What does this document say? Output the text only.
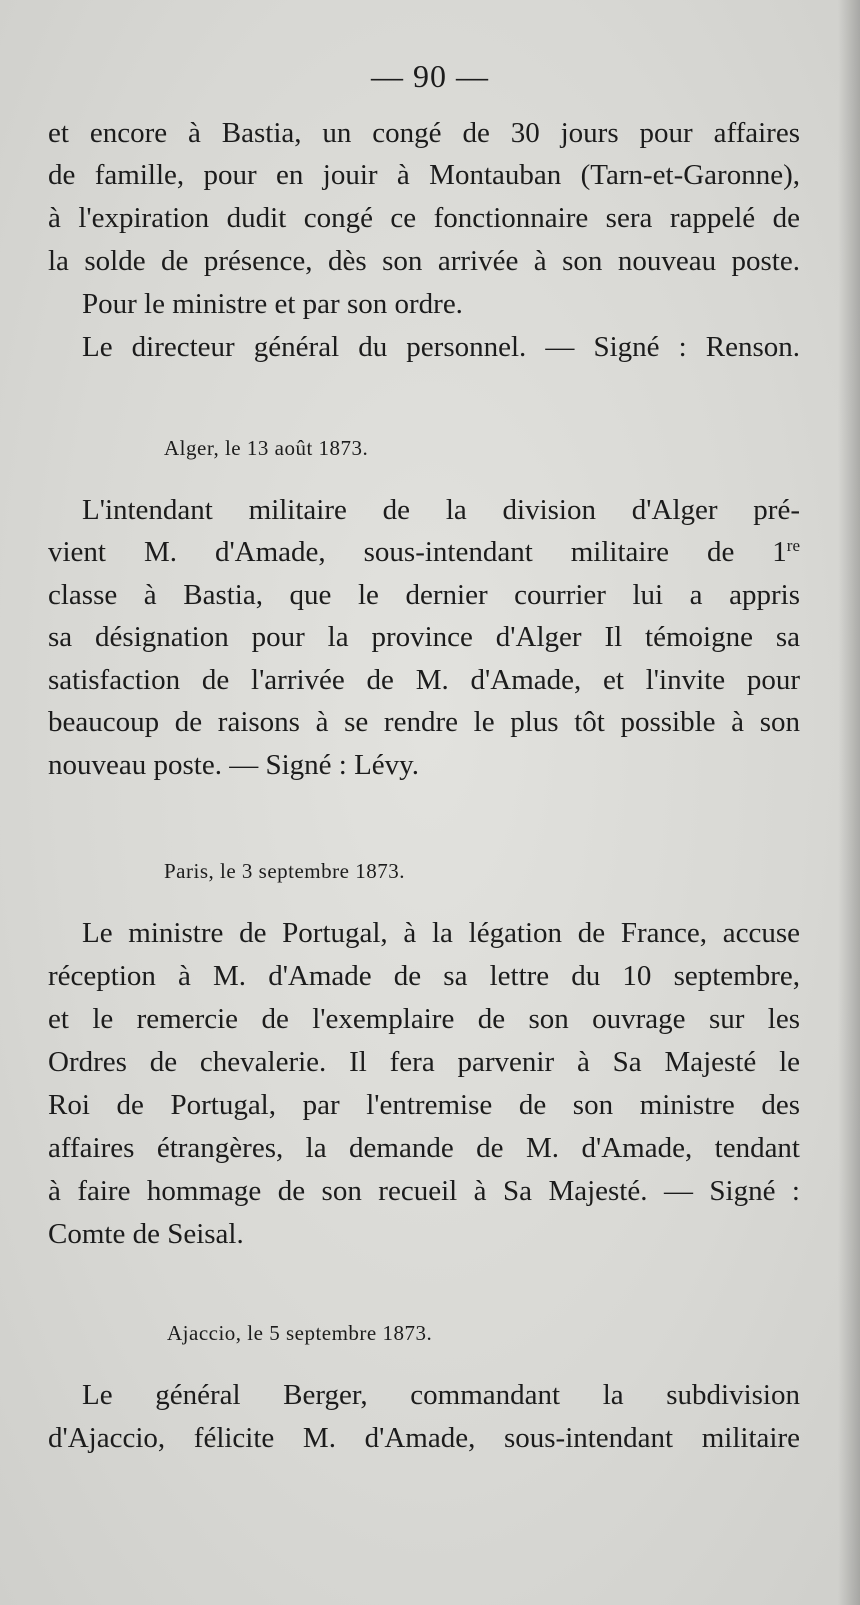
— 90 —
et encore à Bastia, un congé de 30 jours pour affaires
de famille, pour en jouir à Montauban (Tarn-et-Garonne),
à l'expiration dudit congé ce fonctionnaire sera rappelé de
la solde de présence, dès son arrivée à son nouveau poste.
Pour le ministre et par son ordre.
Le directeur général du personnel. — Signé : Renson.
Alger, le 13 août 1873.
L'intendant militaire de la division d'Alger pré-
vient M. d'Amade, sous-intendant militaire de 1re
classe à Bastia, que le dernier courrier lui a appris
sa désignation pour la province d'Alger Il témoigne sa
satisfaction de l'arrivée de M. d'Amade, et l'invite pour
beaucoup de raisons à se rendre le plus tôt possible à son
nouveau poste. — Signé : Lévy.
Paris, le 3 septembre 1873.
Le ministre de Portugal, à la légation de France, accuse
réception à M. d'Amade de sa lettre du 10 septembre,
et le remercie de l'exemplaire de son ouvrage sur les
Ordres de chevalerie. Il fera parvenir à Sa Majesté le
Roi de Portugal, par l'entremise de son ministre des
affaires étrangères, la demande de M. d'Amade, tendant
à faire hommage de son recueil à Sa Majesté. — Signé :
Comte de Seisal.
Ajaccio, le 5 septembre 1873.
Le général Berger, commandant la subdivision
d'Ajaccio, félicite M. d'Amade, sous-intendant militaire
